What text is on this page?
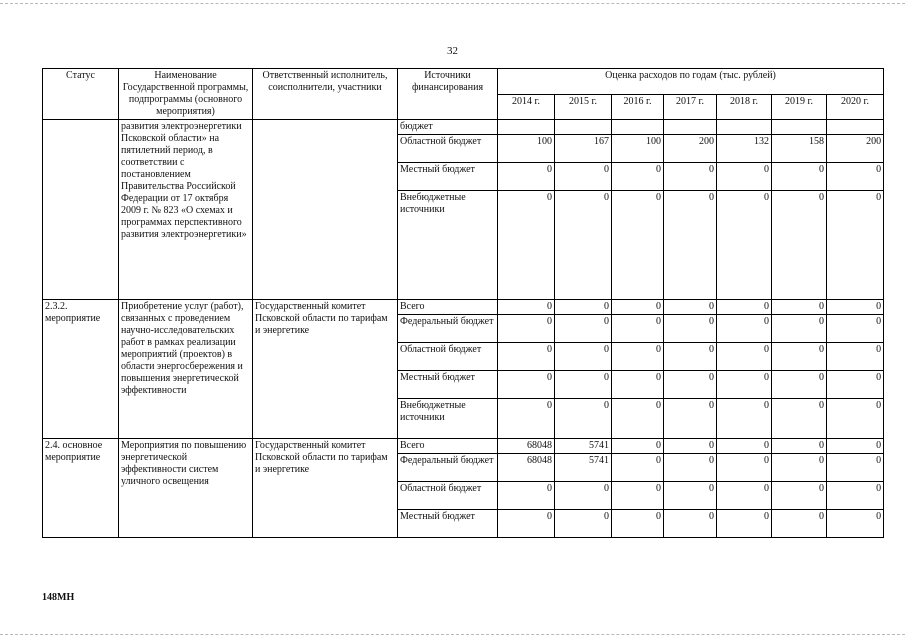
32
Статус	Наименование Государственной программы, подпрограммы (основного мероприятия)	Ответственный исполнитель, соисполнители, участники	Источники финансирования	Оценка расходов по годам (тыс. рублей)						
				2014 г.	2015 г.	2016 г.	2017 г.	2018 г.	2019 г.	2020 г.
	развития электроэнергетики Псковской области» на пятилетний период, в соответствии с постановлением Правительства Российской Федерации от 17 октября 2009 г. № 823 «О схемах и программах перспективного развития электроэнергетики»		бюджет							
			Областной бюджет	100	167	100	200	132	158	200
			Местный бюджет	0	0	0	0	0	0	0
			Внебюджетные источники	0	0	0	0	0	0	0
2.3.2. мероприятие	Приобретение услуг (работ), связанных с проведением научно-исследовательских работ в рамках реализации мероприятий (проектов) в области энергосбережения и повышения энергетической эффективности	Государственный комитет Псковской области по тарифам и энергетике	Всего	0	0	0	0	0	0	0
			Федеральный бюджет	0	0	0	0	0	0	0
			Областной бюджет	0	0	0	0	0	0	0
			Местный бюджет	0	0	0	0	0	0	0
			Внебюджетные источники	0	0	0	0	0	0	0
2.4. основное мероприятие	Мероприятия по повышению энергетической эффективности систем уличного освещения	Государственный комитет Псковской области по тарифам и энергетике	Всего	68048	5741	0	0	0	0	0
			Федеральный бюджет	68048	5741	0	0	0	0	0
			Областной бюджет	0	0	0	0	0	0	0
			Местный бюджет	0	0	0	0	0	0	0
148МН
